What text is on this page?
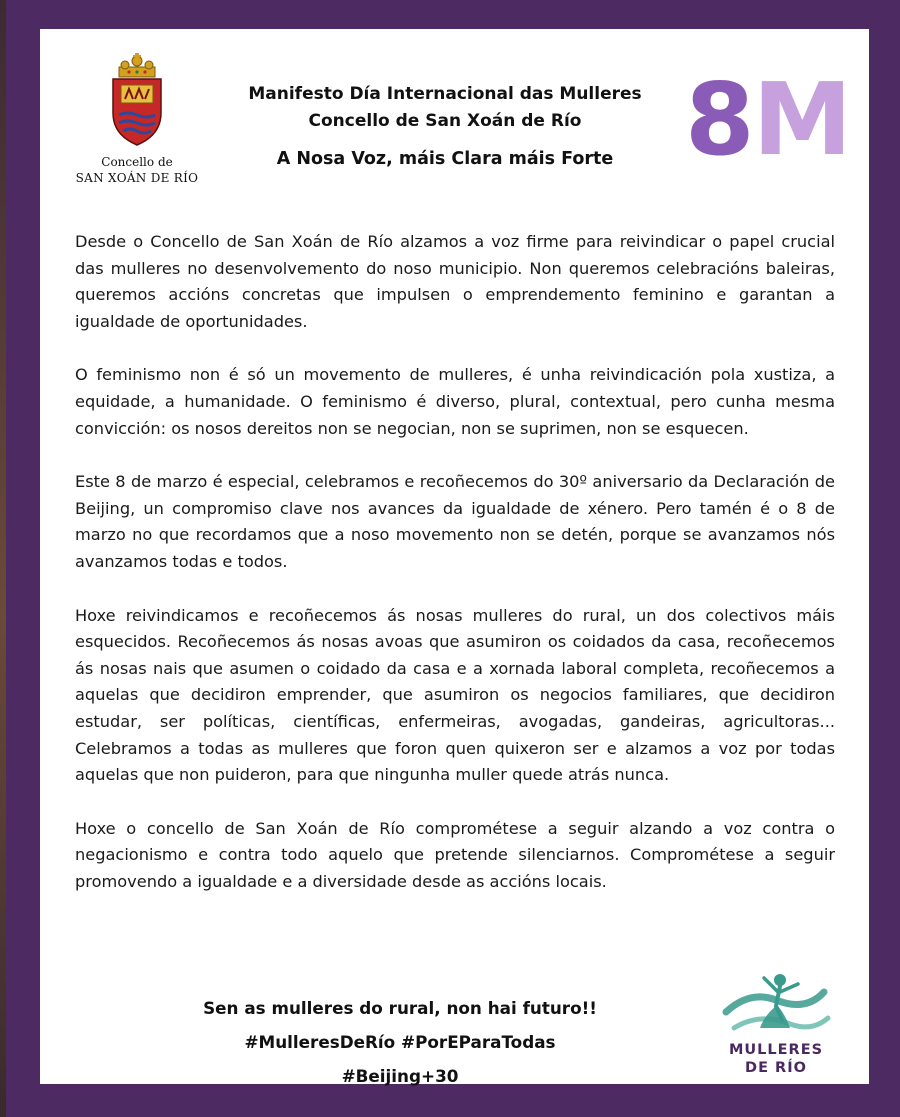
Concello de
SAN XOÁN DE RÍO
Manifesto Día Internacional das Mulleres
Concello de San Xoán de Río
A Nosa Voz, máis Clara máis Forte 8M

Desde o Concello de San Xoán de Río alzamos a voz firme para reivindicar o papel crucial das mulleres no desenvolvemento do noso municipio. Non queremos celebracións baleiras, queremos accións concretas que impulsen o emprendemento feminino e garantan a igualdade de oportunidades.

O feminismo non é só un movemento de mulleres, é unha reivindicación pola xustiza, a equidade, a humanidade. O feminismo é diverso, plural, contextual, pero cunha mesma convicción: os nosos dereitos non se negocian, non se suprimen, non se esquecen.

Este 8 de marzo é especial, celebramos e recoñecemos do 30º aniversario da Declaración de Beijing, un compromiso clave nos avances da igualdade de xénero. Pero tamén é o 8 de marzo no que recordamos que a noso movemento non se detén, porque se avanzamos nós avanzamos todas e todos.

Hoxe reivindicamos e recoñecemos ás nosas mulleres do rural, un dos colectivos máis esquecidos. Recoñecemos ás nosas avoas que asumiron os coidados da casa, recoñecemos ás nosas nais que asumen o coidado da casa e a xornada laboral completa, recoñecemos a aquelas que decidiron emprender, que asumiron os negocios familiares, que decidiron estudar, ser políticas, científicas, enfermeiras, avogadas, gandeiras, agricultoras... Celebramos a todas as mulleres que foron quen quixeron ser e alzamos a voz por todas aquelas que non puideron, para que ningunha muller quede atrás nunca.

Hoxe o concello de San Xoán de Río comprométese a seguir alzando a voz contra o negacionismo e contra todo aquelo que pretende silenciarnos. Comprométese a seguir promovendo a igualdade e a diversidade desde as accións locais.

Sen as mulleres do rural, non hai futuro!!
#MulleresDeRío #PorEParaTodas #Beijing+30
MULLERES
DE RÍO
